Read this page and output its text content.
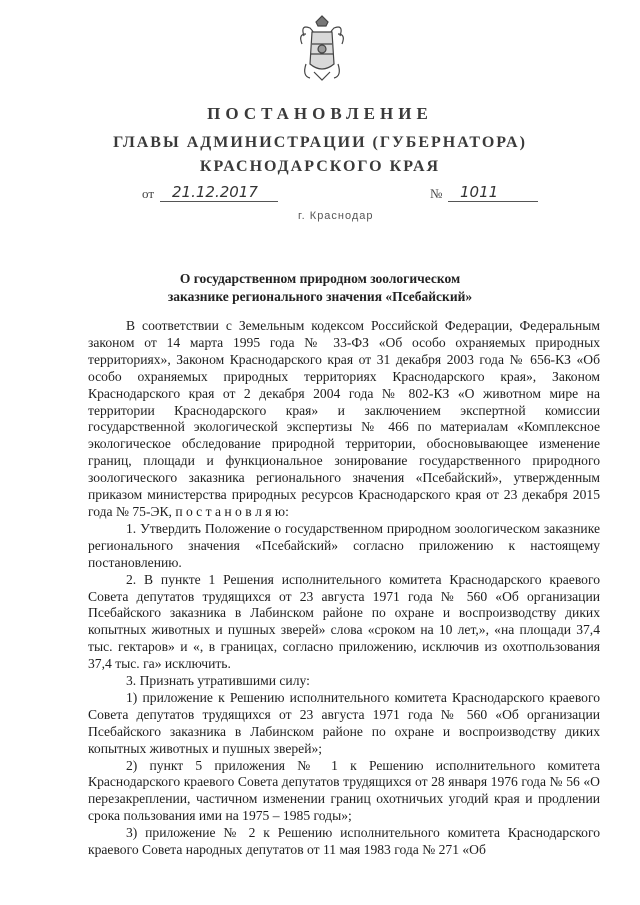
ПОСТАНОВЛЕНИЕ
ГЛАВЫ АДМИНИСТРАЦИИ (ГУБЕРНАТОРА)
КРАСНОДАРСКОГО КРАЯ
от 21.12.2017	№ 1011
г. Краснодар
О государственном природном зоологическом
заказнике регионального значения «Псебайский»

В соответствии с Земельным кодексом Российской Федерации, Федеральным законом от 14 марта 1995 года № 33-ФЗ «Об особо охраняемых природных территориях», Законом Краснодарского края от 31 декабря 2003 года № 656-КЗ «Об особо охраняемых природных территориях Краснодарского края», Законом Краснодарского края от 2 декабря 2004 года № 802-КЗ «О животном мире на территории Краснодарского края» и заключением экспертной комиссии государственной экологической экспертизы № 466 по материалам «Комплексное экологическое обследование природной территории, обосновывающее изменение границ, площади и функциональное зонирование государственного природного зоологического заказника регионального значения «Псебайский», утвержденным приказом министерства природных ресурсов Краснодарского края от 23 декабря 2015 года № 75-ЭК, п о с т а н о в л я ю:

1. Утвердить Положение о государственном природном зоологическом заказнике регионального значения «Псебайский» согласно приложению к настоящему постановлению.

2. В пункте 1 Решения исполнительного комитета Краснодарского краевого Совета депутатов трудящихся от 23 августа 1971 года № 560 «Об организации Псебайского заказника в Лабинском районе по охране и воспроизводству диких копытных животных и пушных зверей» слова «сроком на 10 лет,», «на площади 37,4 тыс. гектаров» и «, в границах, согласно приложению, исключив из охотпользования 37,4 тыс. га» исключить.

3. Признать утратившими силу:

1) приложение к Решению исполнительного комитета Краснодарского краевого Совета депутатов трудящихся от 23 августа 1971 года № 560 «Об организации Псебайского заказника в Лабинском районе по охране и воспроизводству диких копытных животных и пушных зверей»;

2) пункт 5 приложения № 1 к Решению исполнительного комитета Краснодарского краевого Совета депутатов трудящихся от 28 января 1976 года № 56 «О перезакреплении, частичном изменении границ охотничьих угодий края и продлении срока пользования ими на 1975 – 1985 годы»;

3) приложение № 2 к Решению исполнительного комитета Краснодарского краевого Совета народных депутатов от 11 мая 1983 года № 271 «Об
